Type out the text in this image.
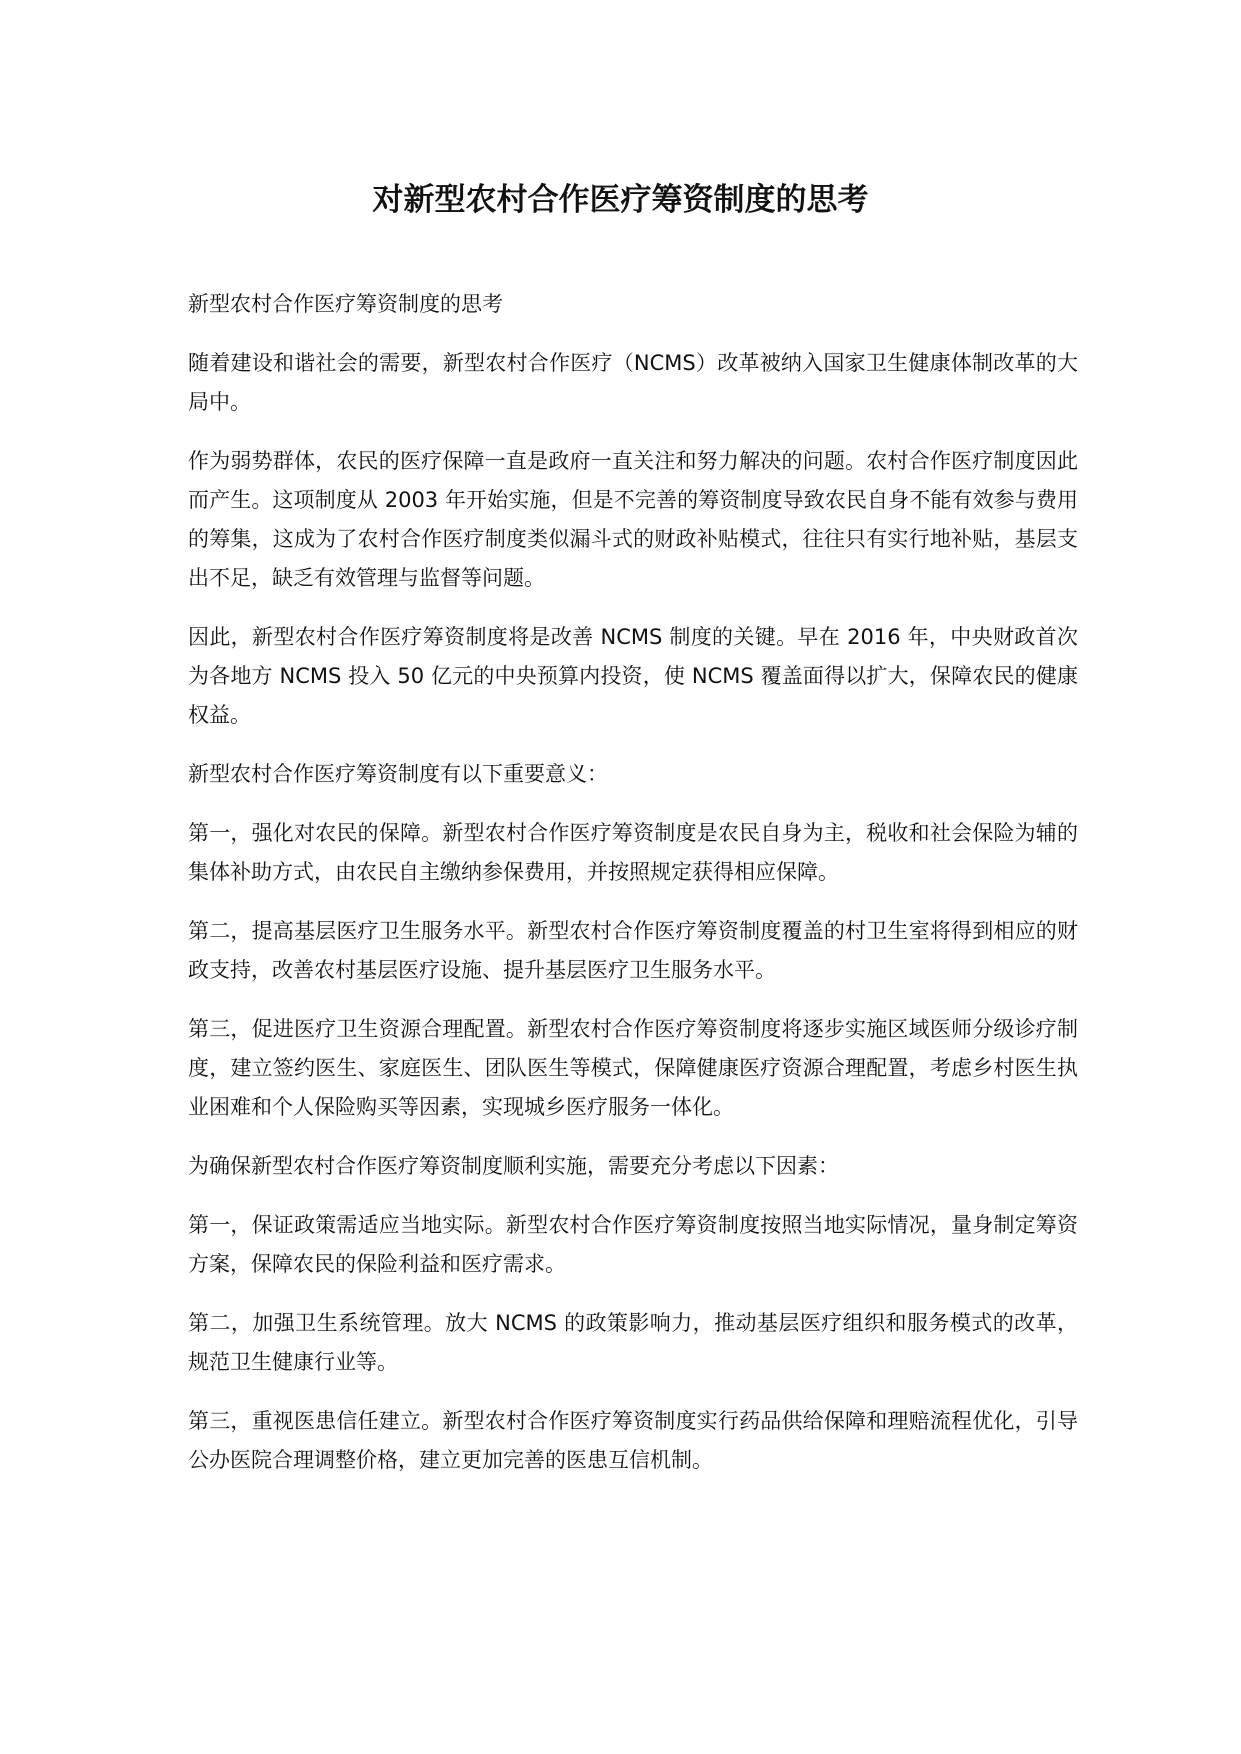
对新型农村合作医疗筹资制度的思考

新型农村合作医疗筹资制度的思考

随着建设和谐社会的需要，新型农村合作医疗（NCMS）改革被纳入国家卫生健康体制改革的大局中。

作为弱势群体，农民的医疗保障一直是政府一直关注和努力解决的问题。农村合作医疗制度因此而产生。这项制度从 2003 年开始实施，但是不完善的筹资制度导致农民自身不能有效参与费用的筹集，这成为了农村合作医疗制度类似漏斗式的财政补贴模式，往往只有实行地补贴，基层支出不足，缺乏有效管理与监督等问题。

因此，新型农村合作医疗筹资制度将是改善 NCMS 制度的关键。早在 2016 年，中央财政首次为各地方 NCMS 投入 50 亿元的中央预算内投资，使 NCMS 覆盖面得以扩大，保障农民的健康权益。

新型农村合作医疗筹资制度有以下重要意义：

第一，强化对农民的保障。新型农村合作医疗筹资制度是农民自身为主，税收和社会保险为辅的集体补助方式，由农民自主缴纳参保费用，并按照规定获得相应保障。

第二，提高基层医疗卫生服务水平。新型农村合作医疗筹资制度覆盖的村卫生室将得到相应的财政支持，改善农村基层医疗设施、提升基层医疗卫生服务水平。

第三，促进医疗卫生资源合理配置。新型农村合作医疗筹资制度将逐步实施区域医师分级诊疗制度，建立签约医生、家庭医生、团队医生等模式，保障健康医疗资源合理配置，考虑乡村医生执业困难和个人保险购买等因素，实现城乡医疗服务一体化。

为确保新型农村合作医疗筹资制度顺利实施，需要充分考虑以下因素：

第一，保证政策需适应当地实际。新型农村合作医疗筹资制度按照当地实际情况，量身制定筹资方案，保障农民的保险利益和医疗需求。

第二，加强卫生系统管理。放大 NCMS 的政策影响力，推动基层医疗组织和服务模式的改革，规范卫生健康行业等。

第三，重视医患信任建立。新型农村合作医疗筹资制度实行药品供给保障和理赔流程优化，引导公办医院合理调整价格，建立更加完善的医患互信机制。
